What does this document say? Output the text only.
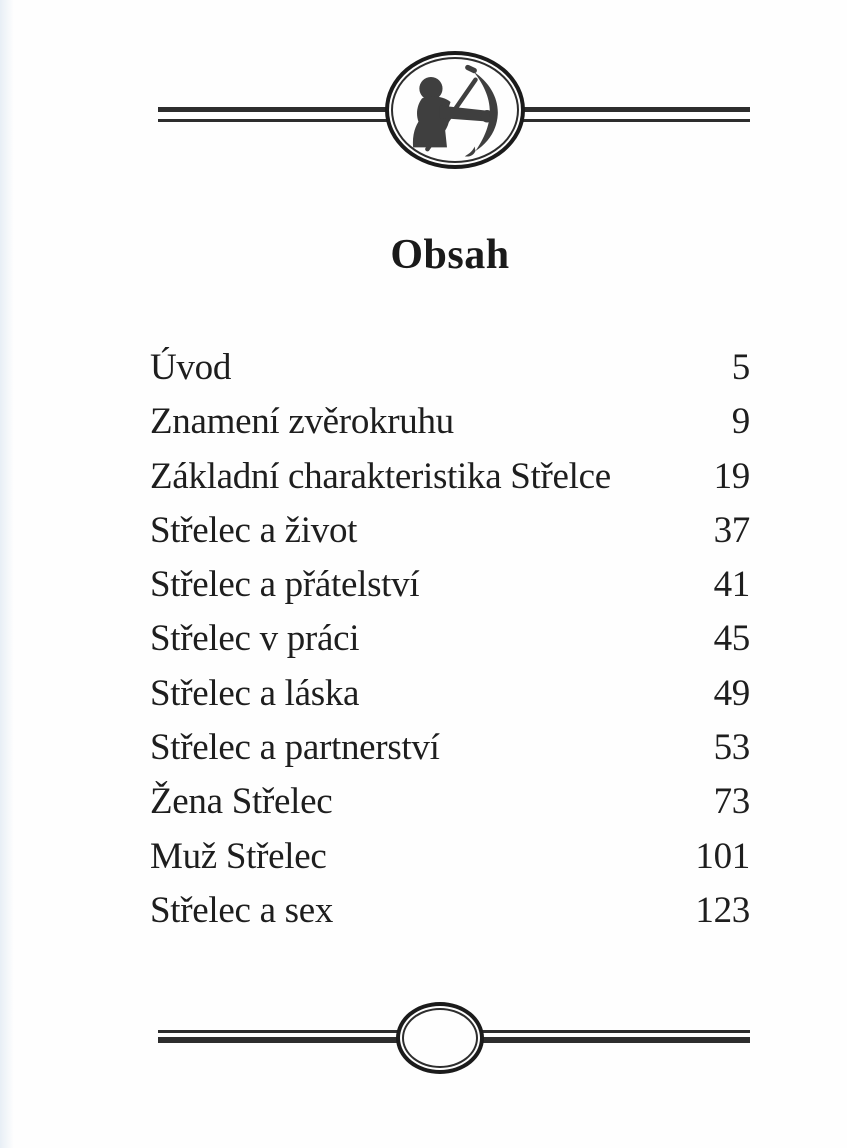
Obsah
Úvod	5
Znamení zvěrokruhu	9
Základní charakteristika Střelce	19
Střelec a život	37
Střelec a přátelství	41
Střelec v práci	45
Střelec a láska	49
Střelec a partnerství	53
Žena Střelec	73
Muž Střelec	101
Střelec a sex	123
